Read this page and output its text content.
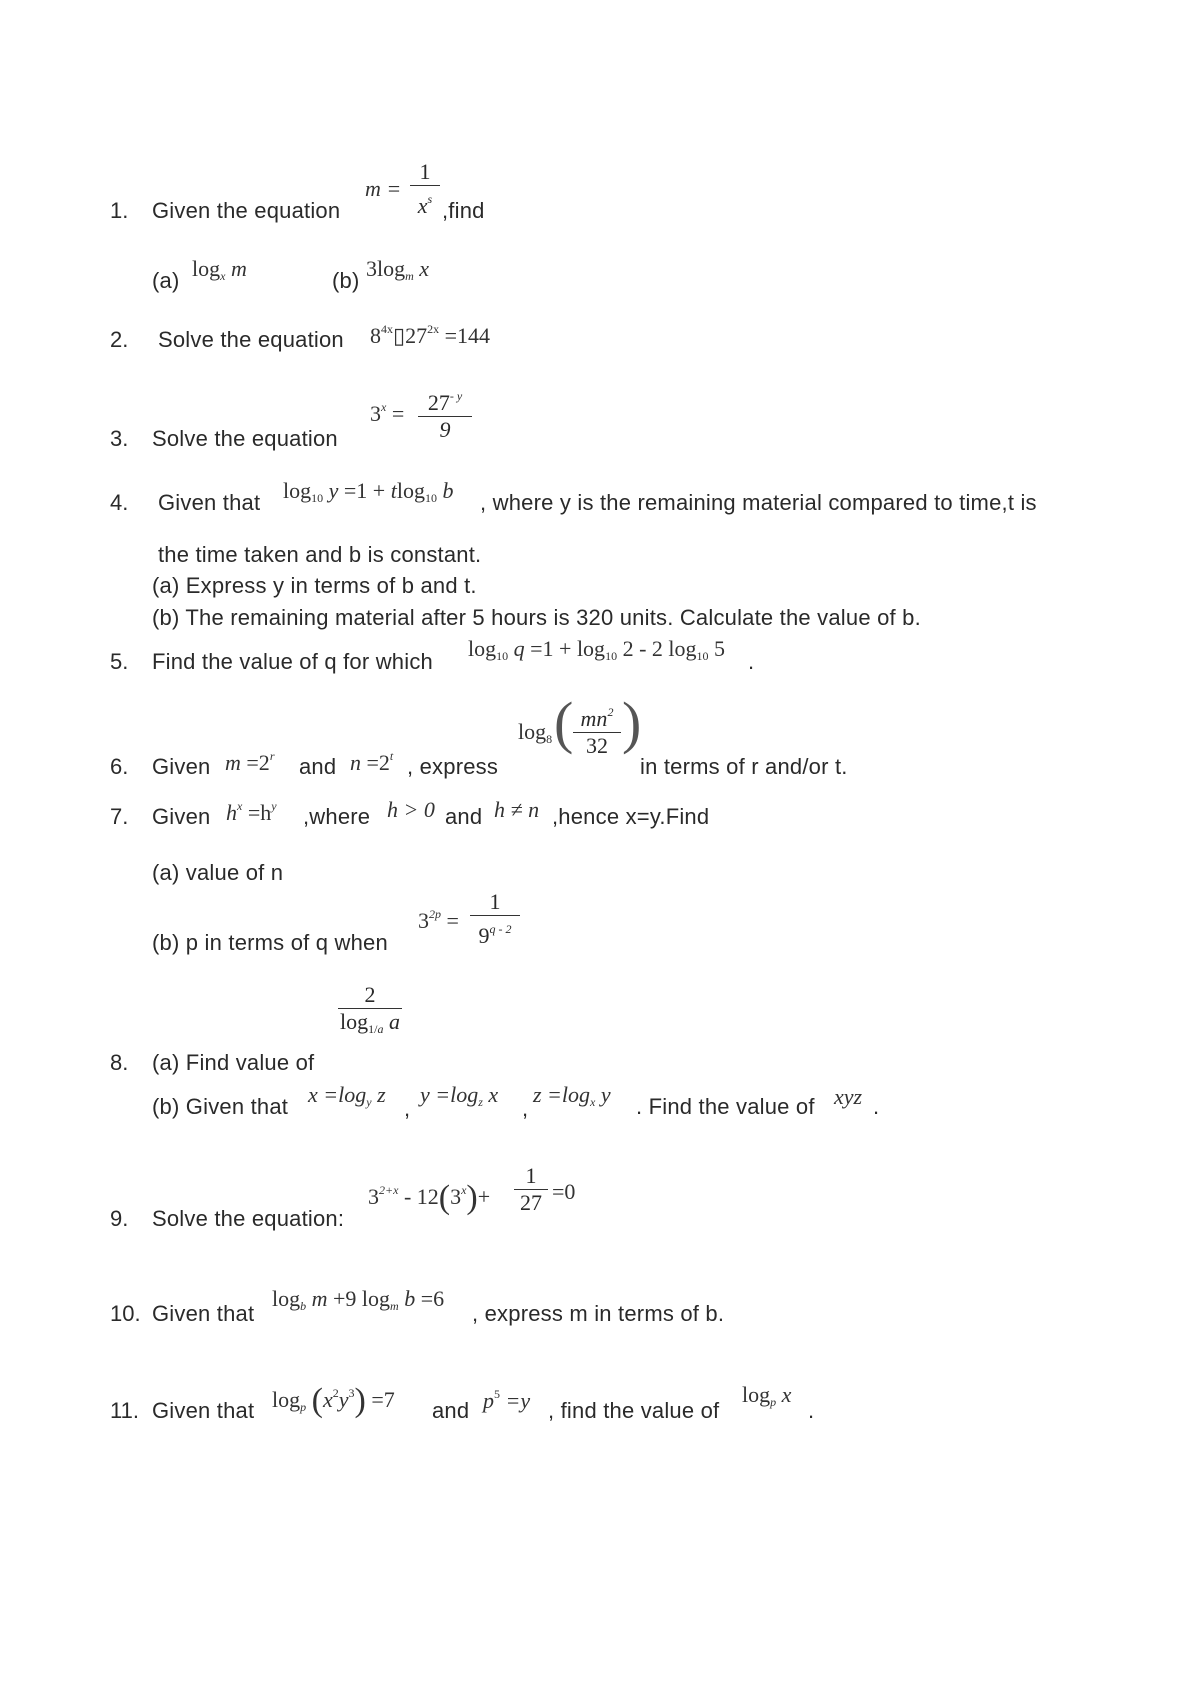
1. Given the equation
m =
1
$x^s$ ,find
(a) $\log_x m$	(b) $3\log_m$ x
2. Solve the equation $8^{4x}▯27^{2x} =144$
3. Solve the equation
$3^x$ =	$27^{- y}$
9
4. Given that $\log_{10} y =1 + tlog_{10}$ b , where y is the remaining material compared to time,t is
the time taken and b is constant.
(a) Express y in terms of b and t.
(b) The remaining material after 5 hours is 320 units. Calculate the value of b.
5. Find the value of q for which
$\log_{10} q =1 + \log_{10} 2 - 2$ $\log_{10} 5$
.
6. Given $m =2^r$ and $n =2^t$ , express
$\log_8$ ( $mn^2$
32 )
in terms of r and/or t.
7. Given $h^x =h^y$ ,where h > 0 and h ≠ n ,hence x=y.Find
(a) value of n
(b) p in terms of q when
$3^{2p}$ =
1
9$^{q - 2}$
8. (a) Find value of
2
$\log_{1/a} a$
(b) Given that $x =\log_y$ z
,
$y =\log_z$ x
,
$z =\log_x$ y . Find the value of xyz .
9. Solve the equation:
$3^{2+x} - 12(3^x)+$
1
27 =0
10. Given that
$\log_b m +9$ $\log_m b =6$
, express m in terms of b.
11. Given that $\log_p (x^2y^3) =7$ and $p^5 =y$ , find the value of
$\log_p x$
.
